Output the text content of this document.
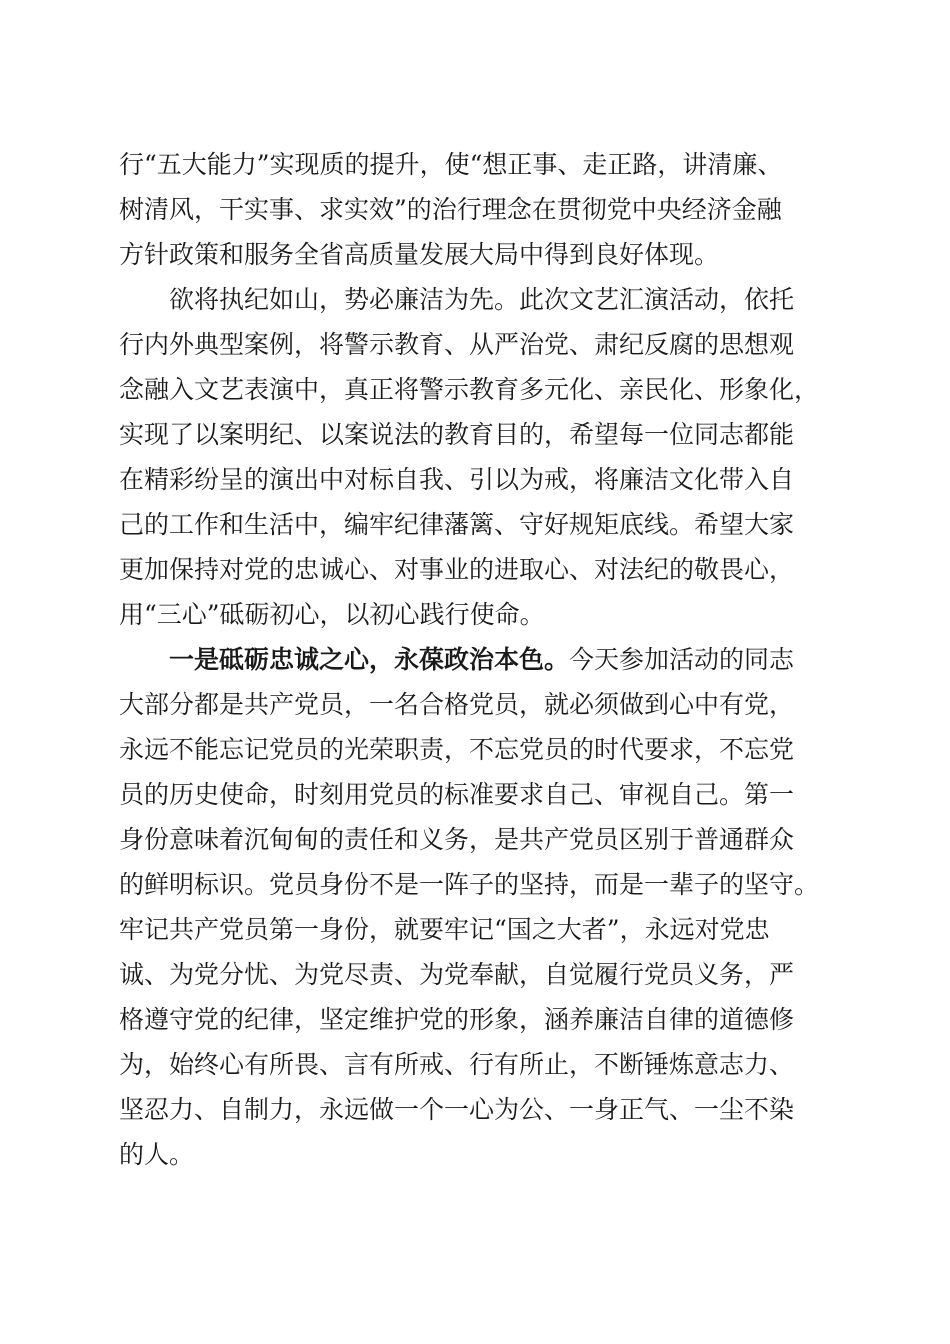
行“五大能力”实现质的提升，使“想正事、走正路，讲清廉、
树清风，干实事、求实效”的治行理念在贯彻党中央经济金融
方针政策和服务全省高质量发展大局中得到良好体现。
欲将执纪如山，势必廉洁为先。此次文艺汇演活动，依托
行内外典型案例，将警示教育、从严治党、肃纪反腐的思想观
念融入文艺表演中，真正将警示教育多元化、亲民化、形象化，
实现了以案明纪、以案说法的教育目的，希望每一位同志都能
在精彩纷呈的演出中对标自我、引以为戒，将廉洁文化带入自
己的工作和生活中，编牢纪律藩篱、守好规矩底线。希望大家
更加保持对党的忠诚心、对事业的进取心、对法纪的敬畏心，
用“三心”砥砺初心，以初心践行使命。
一是砥砺忠诚之心，永葆政治本色。今天参加活动的同志
大部分都是共产党员，一名合格党员，就必须做到心中有党，
永远不能忘记党员的光荣职责，不忘党员的时代要求，不忘党
员的历史使命，时刻用党员的标准要求自己、审视自己。第一
身份意味着沉甸甸的责任和义务，是共产党员区别于普通群众
的鲜明标识。党员身份不是一阵子的坚持，而是一辈子的坚守。
牢记共产党员第一身份，就要牢记“国之大者”，永远对党忠
诚、为党分忧、为党尽责、为党奉献，自觉履行党员义务，严
格遵守党的纪律，坚定维护党的形象，涵养廉洁自律的道德修
为，始终心有所畏、言有所戒、行有所止，不断锤炼意志力、
坚忍力、自制力，永远做一个一心为公、一身正气、一尘不染
的人。
